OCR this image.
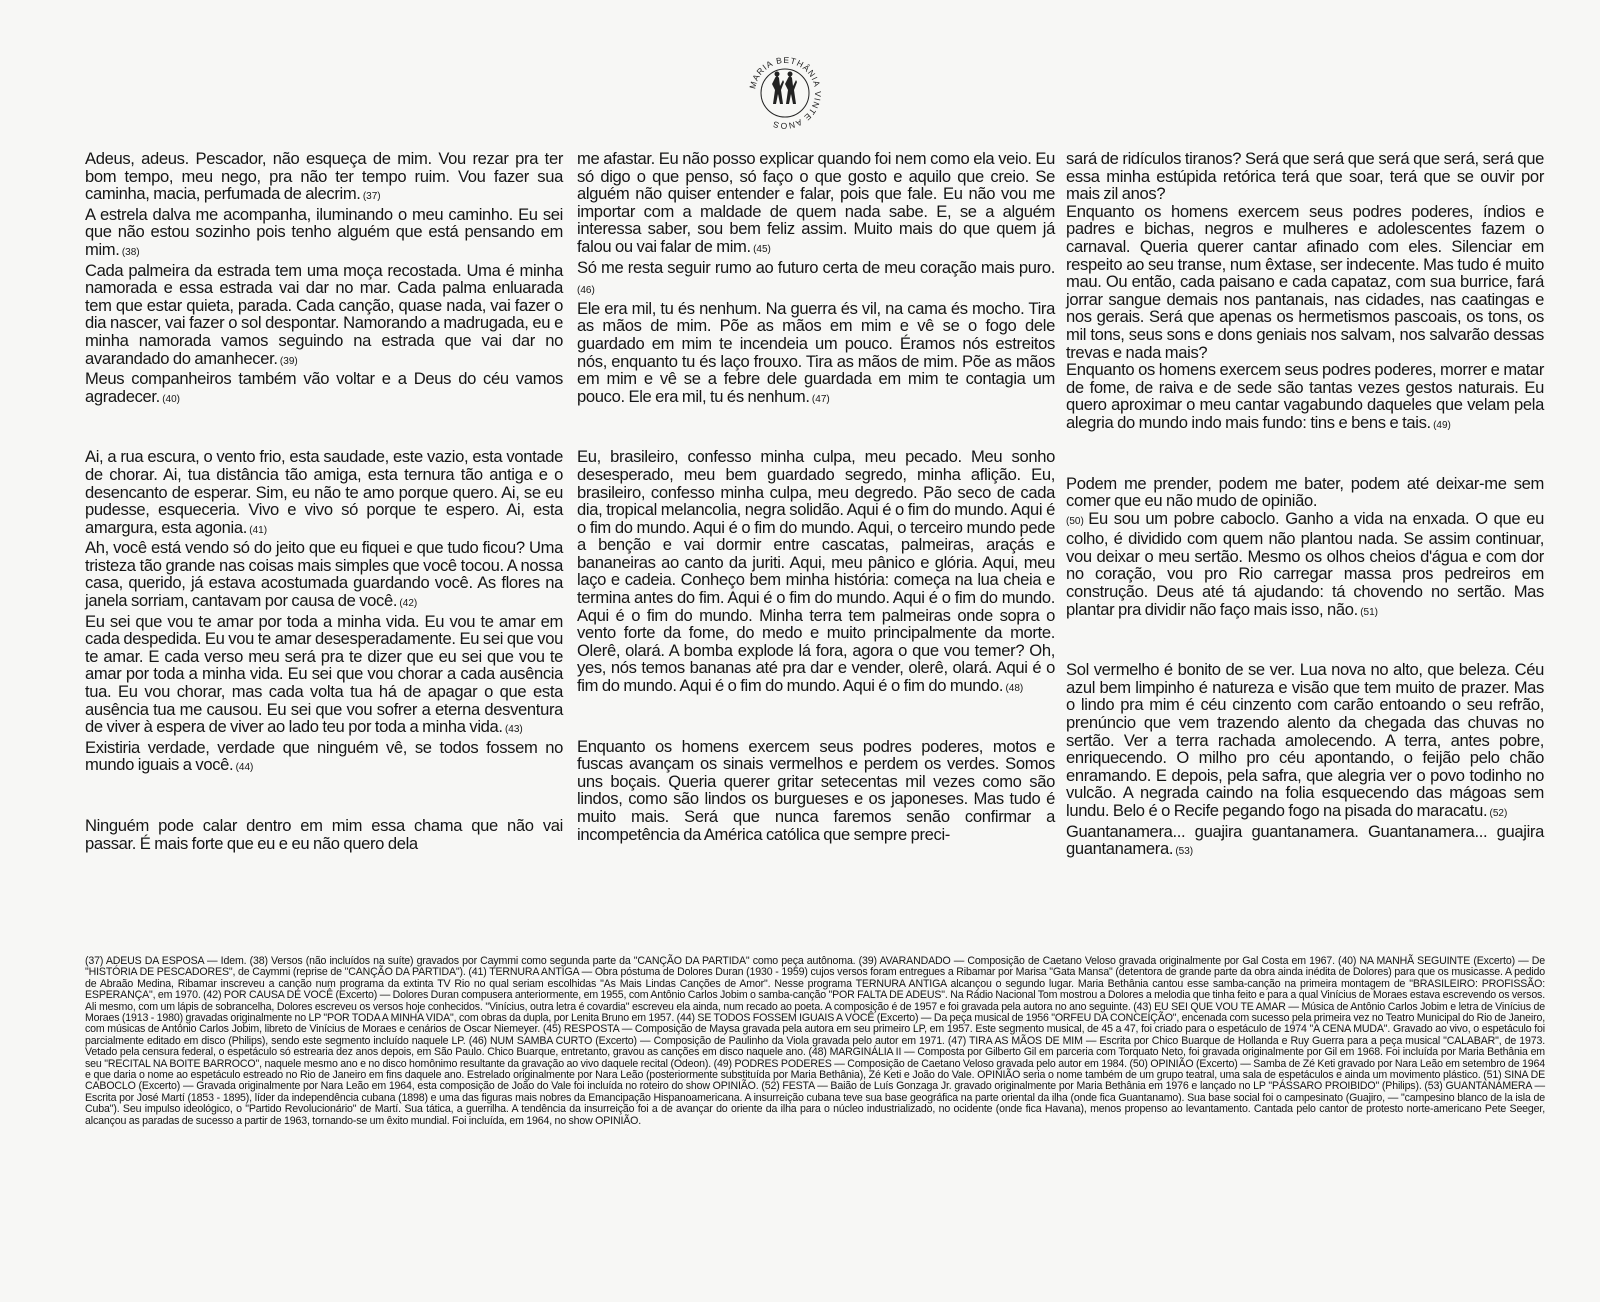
MARIA BETHÂNIA VINTE ANOS

Adeus, adeus. Pescador, não esqueça de mim. Vou rezar pra ter bom tempo, meu nego, pra não ter tempo ruim. Vou fazer sua caminha, macia, perfumada de alecrim. (37)

A estrela dalva me acompanha, iluminando o meu caminho. Eu sei que não estou sozinho pois tenho alguém que está pensando em mim. (38)

Cada palmeira da estrada tem uma moça recostada. Uma é minha namorada e essa estrada vai dar no mar. Cada palma enluarada tem que estar quieta, parada. Cada canção, quase nada, vai fazer o dia nascer, vai fazer o sol despontar. Namorando a madrugada, eu e minha namorada vamos seguindo na estrada que vai dar no avarandado do amanhecer. (39)

Meus companheiros também vão voltar e a Deus do céu vamos agradecer. (40)

Ai, a rua escura, o vento frio, esta saudade, este vazio, esta vontade de chorar. Ai, tua distância tão amiga, esta ternura tão antiga e o desencanto de esperar. Sim, eu não te amo porque quero. Ai, se eu pudesse, esqueceria. Vivo e vivo só porque te espero. Ai, esta amargura, esta agonia. (41)

Ah, você está vendo só do jeito que eu fiquei e que tudo ficou? Uma tristeza tão grande nas coisas mais simples que você tocou. A nossa casa, querido, já estava acostumada guardando você. As flores na janela sorriam, cantavam por causa de você. (42)

Eu sei que vou te amar por toda a minha vida. Eu vou te amar em cada despedida. Eu vou te amar desesperadamente. Eu sei que vou te amar. E cada verso meu será pra te dizer que eu sei que vou te amar por toda a minha vida. Eu sei que vou chorar a cada ausência tua. Eu vou chorar, mas cada volta tua há de apagar o que esta ausência tua me causou. Eu sei que vou sofrer a eterna desventura de viver à espera de viver ao lado teu por toda a minha vida. (43)

Existiria verdade, verdade que ninguém vê, se todos fossem no mundo iguais a você. (44)

Ninguém pode calar dentro em mim essa chama que não vai passar. É mais forte que eu e eu não quero dela

me afastar. Eu não posso explicar quando foi nem como ela veio. Eu só digo o que penso, só faço o que gosto e aquilo que creio. Se alguém não quiser entender e falar, pois que fale. Eu não vou me importar com a maldade de quem nada sabe. E, se a alguém interessa saber, sou bem feliz assim. Muito mais do que quem já falou ou vai falar de mim. (45)

Só me resta seguir rumo ao futuro certa de meu coração mais puro. (46)

Ele era mil, tu és nenhum. Na guerra és vil, na cama és mocho. Tira as mãos de mim. Põe as mãos em mim e vê se o fogo dele guardado em mim te incendeia um pouco. Éramos nós estreitos nós, enquanto tu és laço frouxo. Tira as mãos de mim. Põe as mãos em mim e vê se a febre dele guardada em mim te contagia um pouco. Ele era mil, tu és nenhum. (47)

Eu, brasileiro, confesso minha culpa, meu pecado. Meu sonho desesperado, meu bem guardado segredo, minha aflição. Eu, brasileiro, confesso minha culpa, meu degredo. Pão seco de cada dia, tropical melancolia, negra solidão. Aqui é o fim do mundo. Aqui é o fim do mundo. Aqui é o fim do mundo. Aqui, o terceiro mundo pede a benção e vai dormir entre cascatas, palmeiras, araçás e bananeiras ao canto da juriti. Aqui, meu pânico e glória. Aqui, meu laço e cadeia. Conheço bem minha história: começa na lua cheia e termina antes do fim. Aqui é o fim do mundo. Aqui é o fim do mundo. Aqui é o fim do mundo. Minha terra tem palmeiras onde sopra o vento forte da fome, do medo e muito principalmente da morte. Olerê, olará. A bomba explode lá fora, agora o que vou temer? Oh, yes, nós temos bananas até pra dar e vender, olerê, olará. Aqui é o fim do mundo. Aqui é o fim do mundo. Aqui é o fim do mundo. (48)

Enquanto os homens exercem seus podres poderes, motos e fuscas avançam os sinais vermelhos e perdem os verdes. Somos uns boçais. Queria querer gritar setecentas mil vezes como são lindos, como são lindos os burgueses e os japoneses. Mas tudo é muito mais. Será que nunca faremos senão confirmar a incompetência da América católica que sempre preci-

sará de ridículos tiranos? Será que será que será que será, será que essa minha estúpida retórica terá que soar, terá que se ouvir por mais zil anos?

Enquanto os homens exercem seus podres poderes, índios e padres e bichas, negros e mulheres e adolescentes fazem o carnaval. Queria querer cantar afinado com eles. Silenciar em respeito ao seu transe, num êxtase, ser indecente. Mas tudo é muito mau. Ou então, cada paisano e cada capataz, com sua burrice, fará jorrar sangue demais nos pantanais, nas cidades, nas caatingas e nos gerais. Será que apenas os hermetismos pascoais, os tons, os mil tons, seus sons e dons geniais nos salvam, nos salvarão dessas trevas e nada mais?

Enquanto os homens exercem seus podres poderes, morrer e matar de fome, de raiva e de sede são tantas vezes gestos naturais. Eu quero aproximar o meu cantar vagabundo daqueles que velam pela alegria do mundo indo mais fundo: tins e bens e tais. (49)

Podem me prender, podem me bater, podem até deixar-me sem comer que eu não mudo de opinião.

(50) Eu sou um pobre caboclo. Ganho a vida na enxada. O que eu colho, é dividido com quem não plantou nada. Se assim continuar, vou deixar o meu sertão. Mesmo os olhos cheios d'água e com dor no coração, vou pro Rio carregar massa pros pedreiros em construção. Deus até tá ajudando: tá chovendo no sertão. Mas plantar pra dividir não faço mais isso, não. (51)

Sol vermelho é bonito de se ver. Lua nova no alto, que beleza. Céu azul bem limpinho é natureza e visão que tem muito de prazer. Mas o lindo pra mim é céu cinzento com carão entoando o seu refrão, prenúncio que vem trazendo alento da chegada das chuvas no sertão. Ver a terra rachada amolecendo. A terra, antes pobre, enriquecendo. O milho pro céu apontando, o feijão pelo chão enramando. E depois, pela safra, que alegria ver o povo todinho no vulcão. A negrada caindo na folia esquecendo das mágoas sem lundu. Belo é o Recife pegando fogo na pisada do maracatu. (52)

Guantanamera... guajira guantanamera. Guantanamera... guajira guantanamera. (53)

(37) ADEUS DA ESPOSA — Idem. (38) Versos (não incluídos na suíte) gravados por Caymmi como segunda parte da "CANÇÃO DA PARTIDA" como peça autônoma. (39) AVARANDADO — Composição de Caetano Veloso gravada originalmente por Gal Costa em 1967. (40) NA MANHÃ SEGUINTE (Excerto) — De "HISTÓRIA DE PESCADORES", de Caymmi (reprise de "CANÇÃO DA PARTIDA"). (41) TERNURA ANTIGA — Obra póstuma de Dolores Duran (1930 - 1959) cujos versos foram entregues a Ribamar por Marisa "Gata Mansa" (detentora de grande parte da obra ainda inédita de Dolores) para que os musicasse. A pedido de Abraão Medina, Ribamar inscreveu a canção num programa da extinta TV Rio no qual seriam escolhidas "As Mais Lindas Canções de Amor". Nesse programa TERNURA ANTIGA alcançou o segundo lugar. Maria Bethânia cantou esse samba-canção na primeira montagem de "BRASILEIRO: PROFISSÃO: ESPERANÇA", em 1970. (42) POR CAUSA DE VOCÊ (Excerto) — Dolores Duran compusera anteriormente, em 1955, com Antônio Carlos Jobim o samba-canção "POR FALTA DE ADEUS". Na Rádio Nacional Tom mostrou a Dolores a melodia que tinha feito e para a qual Vinícius de Moraes estava escrevendo os versos. Ali mesmo, com um lápis de sobrancelha, Dolores escreveu os versos hoje conhecidos. "Vinícius, outra letra é covardia" escreveu ela ainda, num recado ao poeta. A composição é de 1957 e foi gravada pela autora no ano seguinte. (43) EU SEI QUE VOU TE AMAR — Música de Antônio Carlos Jobim e letra de Vinícius de Moraes (1913 - 1980) gravadas originalmente no LP "POR TODA A MINHA VIDA", com obras da dupla, por Lenita Bruno em 1957. (44) SE TODOS FOSSEM IGUAIS A VOCÊ (Excerto) — Da peça musical de 1956 "ORFEU DA CONCEIÇÃO", encenada com sucesso pela primeira vez no Teatro Municipal do Rio de Janeiro, com músicas de Antônio Carlos Jobim, libreto de Vinícius de Moraes e cenários de Oscar Niemeyer. (45) RESPOSTA — Composição de Maysa gravada pela autora em seu primeiro LP, em 1957. Este segmento musical, de 45 a 47, foi criado para o espetáculo de 1974 "A CENA MUDA". Gravado ao vivo, o espetáculo foi parcialmente editado em disco (Philips), sendo este segmento incluído naquele LP. (46) NUM SAMBA CURTO (Excerto) — Composição de Paulinho da Viola gravada pelo autor em 1971. (47) TIRA AS MÃOS DE MIM — Escrita por Chico Buarque de Hollanda e Ruy Guerra para a peça musical "CALABAR", de 1973. Vetado pela censura federal, o espetáculo só estrearia dez anos depois, em São Paulo. Chico Buarque, entretanto, gravou as canções em disco naquele ano. (48) MARGINÁLIA II — Composta por Gilberto Gil em parceria com Torquato Neto, foi gravada originalmente por Gil em 1968. Foi incluída por Maria Bethânia em seu "RECITAL NA BOITE BARROCO", naquele mesmo ano e no disco homônimo resultante da gravação ao vivo daquele recital (Odeon). (49) PODRES PODERES — Composição de Caetano Veloso gravada pelo autor em 1984. (50) OPINIÃO (Excerto) — Samba de Zé Keti gravado por Nara Leão em setembro de 1964 e que daria o nome ao espetáculo estreado no Rio de Janeiro em fins daquele ano. Estrelado originalmente por Nara Leão (posteriormente substituída por Maria Bethânia), Zé Keti e João do Vale. OPINIÃO seria o nome também de um grupo teatral, uma sala de espetáculos e ainda um movimento plástico. (51) SINA DE CABOCLO (Excerto) — Gravada originalmente por Nara Leão em 1964, esta composição de João do Vale foi incluída no roteiro do show OPINIÃO. (52) FESTA — Baião de Luís Gonzaga Jr. gravado originalmente por Maria Bethânia em 1976 e lançado no LP "PÁSSARO PROIBIDO" (Philips). (53) GUANTANAMERA — Escrita por José Martí (1853 - 1895), líder da independência cubana (1898) e uma das figuras mais nobres da Emancipação Hispanoamericana. A insurreição cubana teve sua base geográfica na parte oriental da ilha (onde fica Guantanamo). Sua base social foi o campesinato (Guajiro, — "campesino blanco de la isla de Cuba"). Seu impulso ideológico, o "Partido Revolucionário" de Martí. Sua tática, a guerrilha. A tendência da insurreição foi a de avançar do oriente da ilha para o núcleo industrializado, no ocidente (onde fica Havana), menos propenso ao levantamento. Cantada pelo cantor de protesto norte-americano Pete Seeger, alcançou as paradas de sucesso a partir de 1963, tornando-se um êxito mundial. Foi incluída, em 1964, no show OPINIÃO.
